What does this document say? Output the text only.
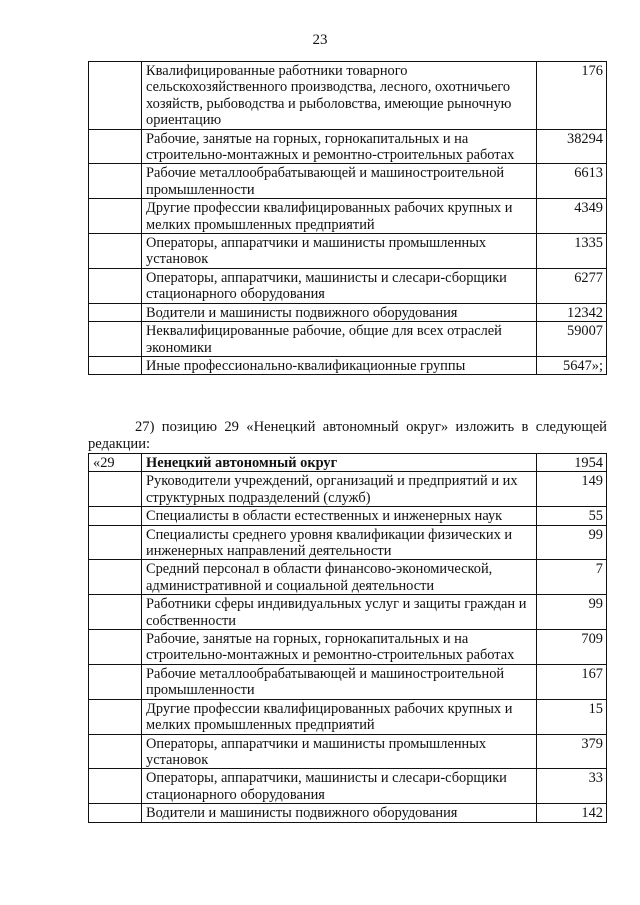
23
	Квалифицированные работники товарного сельскохозяйственного производства, лесного, охотничьего хозяйств, рыбоводства и рыболовства, имеющие рыночную ориентацию	176
	Рабочие, занятые на горных, горнокапитальных и на строительно-монтажных и ремонтно-строительных работах	38294
	Рабочие металлообрабатывающей и машиностроительной промышленности	6613
	Другие профессии квалифицированных рабочих крупных и мелких промышленных предприятий	4349
	Операторы, аппаратчики и машинисты промышленных установок	1335
	Операторы, аппаратчики, машинисты и слесари-сборщики стационарного оборудования	6277
	Водители и машинисты подвижного оборудования	12342
	Неквалифицированные рабочие, общие для всех отраслей экономики	59007
	Иные профессионально-квалификационные группы	5647»;
27) позицию 29 «Ненецкий автономный округ» изложить в следующей редакции:
«29	Ненецкий автономный округ	1954
	Руководители учреждений, организаций и предприятий и их структурных подразделений (служб)	149
	Специалисты в области естественных и инженерных наук	55
	Специалисты среднего уровня квалификации физических и инженерных направлений деятельности	99
	Средний персонал в области финансово-экономической, административной и социальной деятельности	7
	Работники сферы индивидуальных услуг и защиты граждан и собственности	99
	Рабочие, занятые на горных, горнокапитальных и на строительно-монтажных и ремонтно-строительных работах	709
	Рабочие металлообрабатывающей и машиностроительной промышленности	167
	Другие профессии квалифицированных рабочих крупных и мелких промышленных предприятий	15
	Операторы, аппаратчики и машинисты промышленных установок	379
	Операторы, аппаратчики, машинисты и слесари-сборщики стационарного оборудования	33
	Водители и машинисты подвижного оборудования	142
